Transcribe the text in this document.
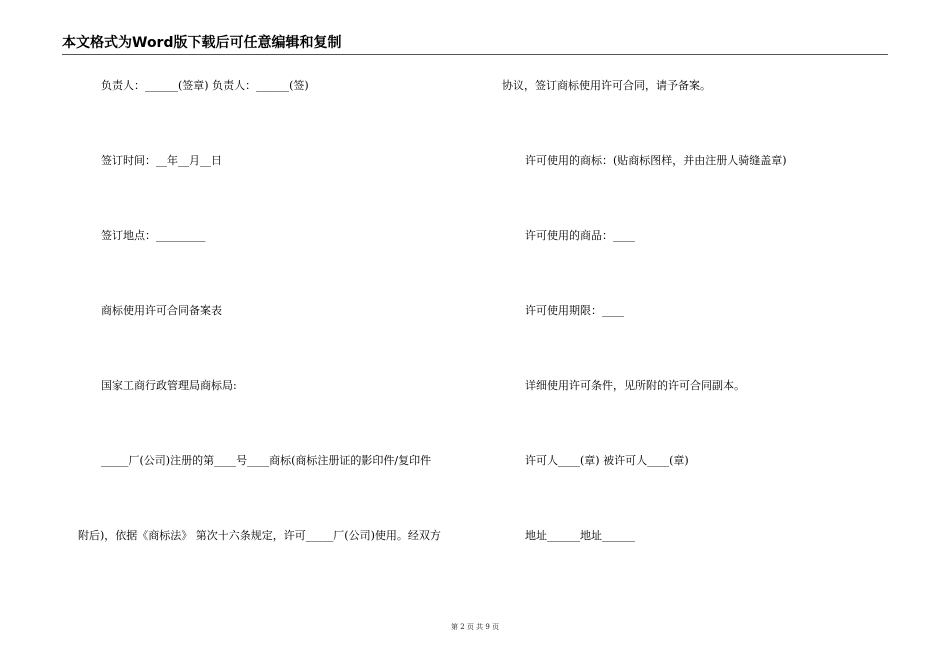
本文格式为Word版下载后可任意编辑和复制
负责人：______(签章) 负责人：______(签)
签订时间：__年__月__日
签订地点：_________
商标使用许可合同备案表
国家工商行政管理局商标局:
_____厂(公司)注册的第____号____商标(商标注册证的影印件/复印件
附后)，依据《商标法》 第次十六条规定，许可_____厂(公司)使用。经双方
协议，签订商标使用许可合同，请予备案。
许可使用的商标：(贴商标图样，并由注册人骑缝盖章)
许可使用的商品：____
许可使用期限：____
详细使用许可条件，见所附的许可合同副本。
许可人____(章) 被许可人____(章)
地址______地址______
第 2 页 共 9 页
